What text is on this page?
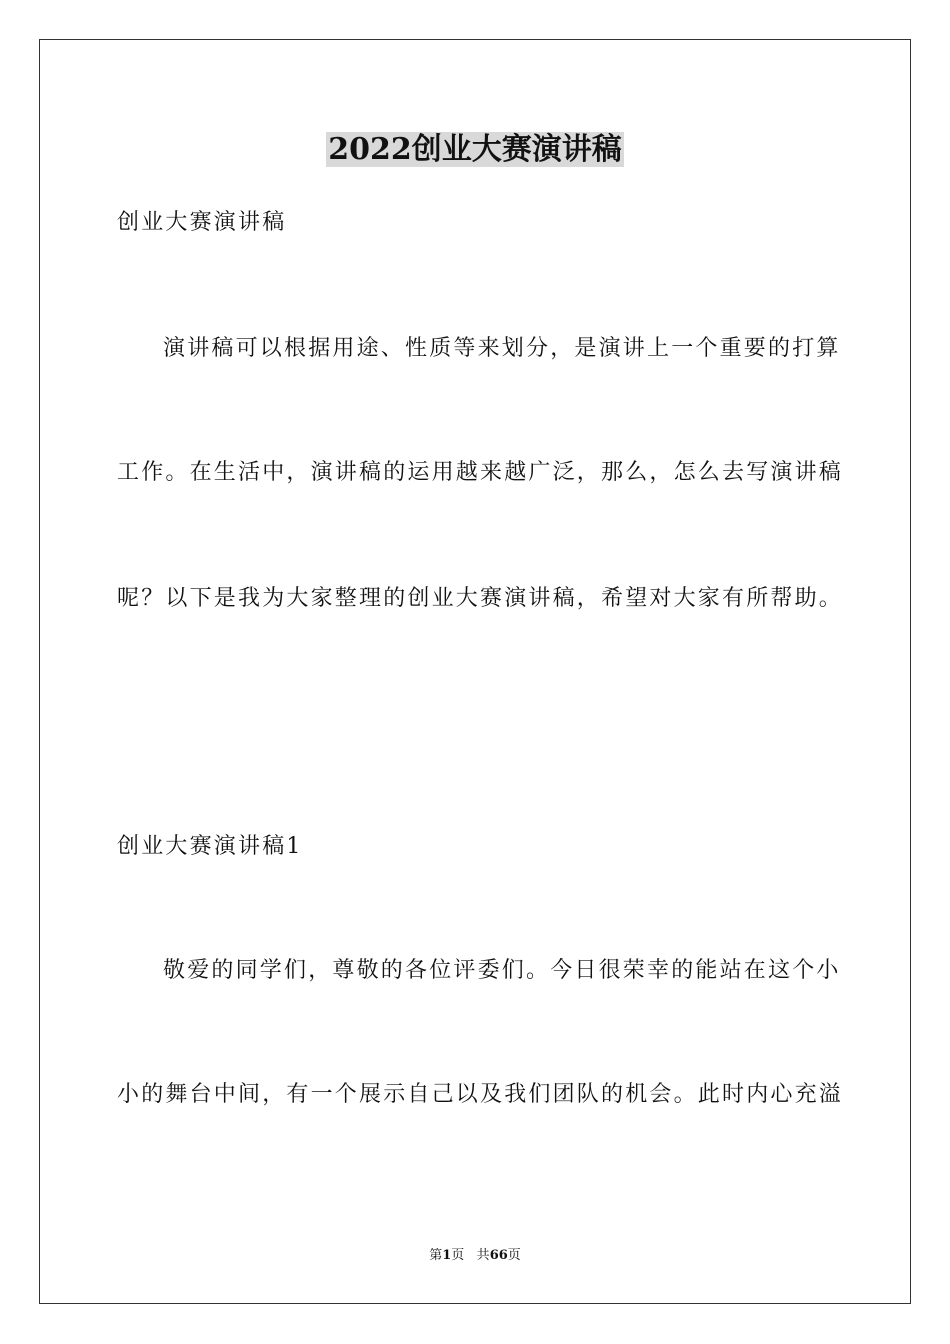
2022创业大赛演讲稿

创业大赛演讲稿

演讲稿可以根据用途、性质等来划分，是演讲上一个重要的打算

工作。在生活中，演讲稿的运用越来越广泛，那么，怎么去写演讲稿

呢？以下是我为大家整理的创业大赛演讲稿，希望对大家有所帮助。

创业大赛演讲稿1

敬爱的同学们，尊敬的各位评委们。今日很荣幸的能站在这个小

小的舞台中间，有一个展示自己以及我们团队的机会。此时内心充溢

第1页 共66页
